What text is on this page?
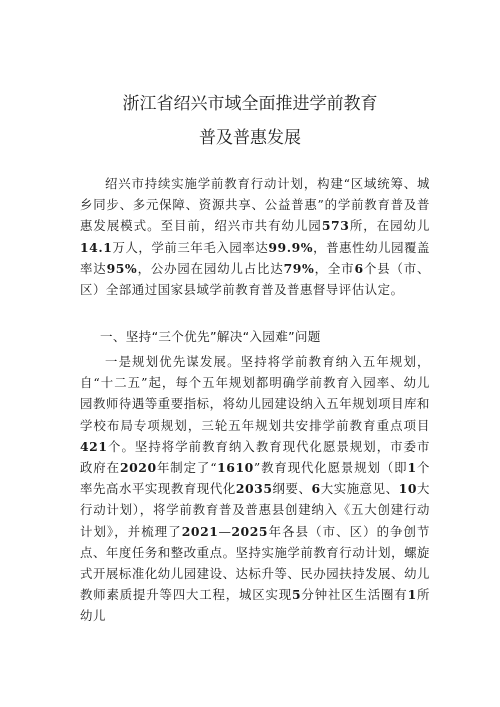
浙江省绍兴市域全面推进学前教育
普及普惠发展

绍兴市持续实施学前教育行动计划，构建“区域统筹、城乡同步、多元保障、资源共享、公益普惠”的学前教育普及普惠发展模式。至目前，绍兴市共有幼儿园573所，在园幼儿14.1万人，学前三年毛入园率达99.9%，普惠性幼儿园覆盖率达95%，公办园在园幼儿占比达79%，全市6个县（市、区）全部通过国家县域学前教育普及普惠督导评估认定。

一、坚持“三个优先”解决“入园难”问题

一是规划优先谋发展。坚持将学前教育纳入五年规划，自“十二五”起，每个五年规划都明确学前教育入园率、幼儿园教师待遇等重要指标，将幼儿园建设纳入五年规划项目库和学校布局专项规划，三轮五年规划共安排学前教育重点项目421个。坚持将学前教育纳入教育现代化愿景规划，市委市政府在2020年制定了“1610”教育现代化愿景规划（即1个率先高水平实现教育现代化2035纲要、6大实施意见、10大行动计划），将学前教育普及普惠县创建纳入《五大创建行动计划》，并梳理了2021—2025年各县（市、区）的争创节点、年度任务和整改重点。坚持实施学前教育行动计划，螺旋式开展标准化幼儿园建设、达标升等、民办园扶持发展、幼儿教师素质提升等四大工程，城区实现5分钟社区生活圈有1所幼儿
